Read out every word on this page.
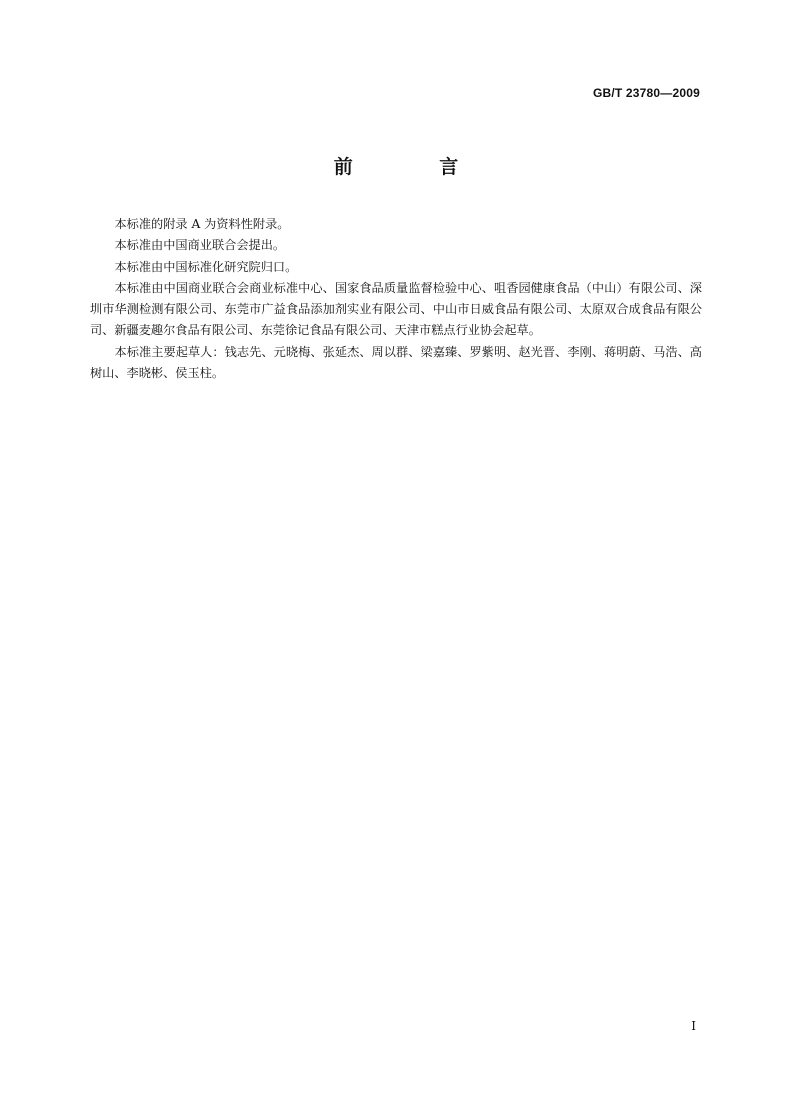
GB/T 23780—2009
前 言

本标准的附录 A 为资料性附录。

本标准由中国商业联合会提出。

本标准由中国标准化研究院归口。

本标准由中国商业联合会商业标准中心、国家食品质量监督检验中心、咀香园健康食品（中山）有限公司、深圳市华测检测有限公司、东莞市广益食品添加剂实业有限公司、中山市日威食品有限公司、太原双合成食品有限公司、新疆麦趣尔食品有限公司、东莞徐记食品有限公司、天津市糕点行业协会起草。

本标准主要起草人：钱志先、元晓梅、张延杰、周以群、梁嘉臻、罗紫明、赵光晋、李刚、蒋明蔚、马浩、高树山、李晓彬、侯玉柱。

I
